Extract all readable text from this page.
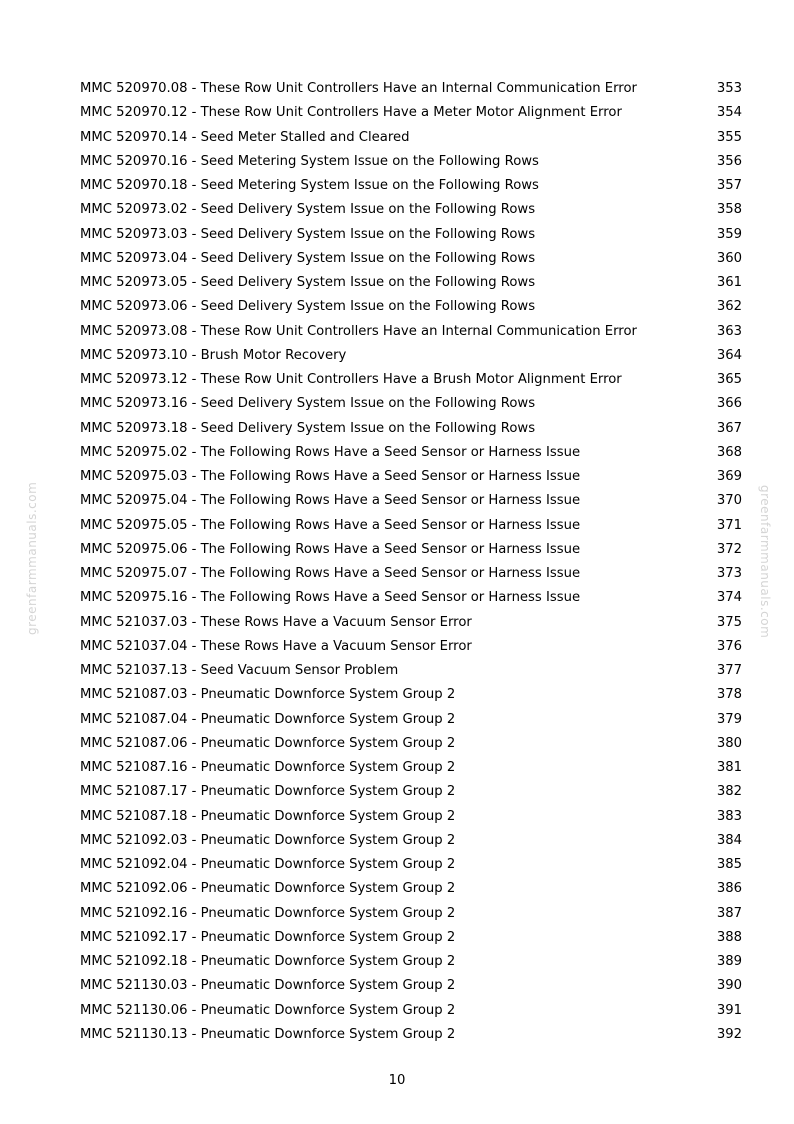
MMC 520970.08 - These Row Unit Controllers Have an Internal Communication Error	353
MMC 520970.12 - These Row Unit Controllers Have a Meter Motor Alignment Error	354
MMC 520970.14 - Seed Meter Stalled and Cleared	355
MMC 520970.16 - Seed Metering System Issue on the Following Rows	356
MMC 520970.18 - Seed Metering System Issue on the Following Rows	357
MMC 520973.02 - Seed Delivery System Issue on the Following Rows	358
MMC 520973.03 - Seed Delivery System Issue on the Following Rows	359
MMC 520973.04 - Seed Delivery System Issue on the Following Rows	360
MMC 520973.05 - Seed Delivery System Issue on the Following Rows	361
MMC 520973.06 - Seed Delivery System Issue on the Following Rows	362
MMC 520973.08 - These Row Unit Controllers Have an Internal Communication Error	363
MMC 520973.10 - Brush Motor Recovery	364
MMC 520973.12 - These Row Unit Controllers Have a Brush Motor Alignment Error	365
MMC 520973.16 - Seed Delivery System Issue on the Following Rows	366
MMC 520973.18 - Seed Delivery System Issue on the Following Rows	367
MMC 520975.02 - The Following Rows Have a Seed Sensor or Harness Issue	368
MMC 520975.03 - The Following Rows Have a Seed Sensor or Harness Issue	369
MMC 520975.04 - The Following Rows Have a Seed Sensor or Harness Issue	370
MMC 520975.05 - The Following Rows Have a Seed Sensor or Harness Issue	371
MMC 520975.06 - The Following Rows Have a Seed Sensor or Harness Issue	372
MMC 520975.07 - The Following Rows Have a Seed Sensor or Harness Issue	373
MMC 520975.16 - The Following Rows Have a Seed Sensor or Harness Issue	374
MMC 521037.03 - These Rows Have a Vacuum Sensor Error	375
MMC 521037.04 - These Rows Have a Vacuum Sensor Error	376
MMC 521037.13 - Seed Vacuum Sensor Problem	377
MMC 521087.03 - Pneumatic Downforce System Group 2	378
MMC 521087.04 - Pneumatic Downforce System Group 2	379
MMC 521087.06 - Pneumatic Downforce System Group 2	380
MMC 521087.16 - Pneumatic Downforce System Group 2	381
MMC 521087.17 - Pneumatic Downforce System Group 2	382
MMC 521087.18 - Pneumatic Downforce System Group 2	383
MMC 521092.03 - Pneumatic Downforce System Group 2	384
MMC 521092.04 - Pneumatic Downforce System Group 2	385
MMC 521092.06 - Pneumatic Downforce System Group 2	386
MMC 521092.16 - Pneumatic Downforce System Group 2	387
MMC 521092.17 - Pneumatic Downforce System Group 2	388
MMC 521092.18 - Pneumatic Downforce System Group 2	389
MMC 521130.03 - Pneumatic Downforce System Group 2	390
MMC 521130.06 - Pneumatic Downforce System Group 2	391
MMC 521130.13 - Pneumatic Downforce System Group 2	392
greenfarmmanuals.com	greenfarmmanuals.com
10
